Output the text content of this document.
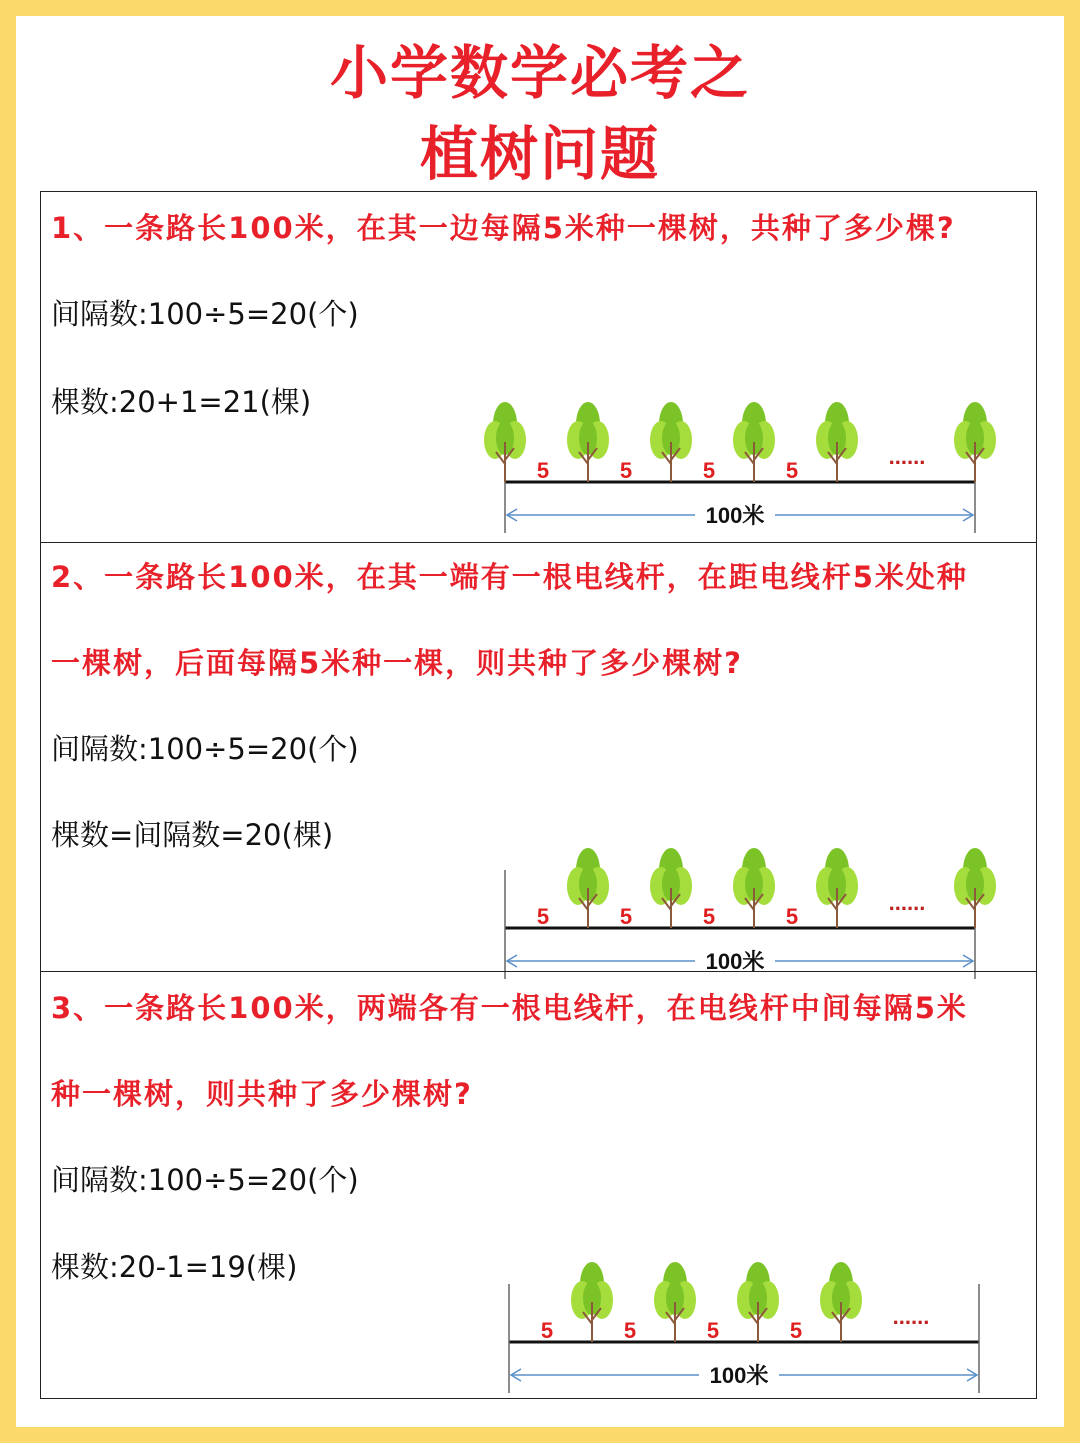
小学数学必考之
植树问题
1、一条路长100米，在其一边每隔5米种一棵树，共种了多少棵?
间隔数:100÷5=20(个)
棵数:20+1=21(棵)
5	5	5	5
......
100米
2、一条路长100米，在其一端有一根电线杆，在距电线杆5米处种
一棵树，后面每隔5米种一棵，则共种了多少棵树?
间隔数:100÷5=20(个)
棵数=间隔数=20(棵)
5	5	5	5
......
100米
3、一条路长100米，两端各有一根电线杆，在电线杆中间每隔5米
种一棵树，则共种了多少棵树?
间隔数:100÷5=20(个)
棵数:20-1=19(棵)
5	5	5	5
......
100米
